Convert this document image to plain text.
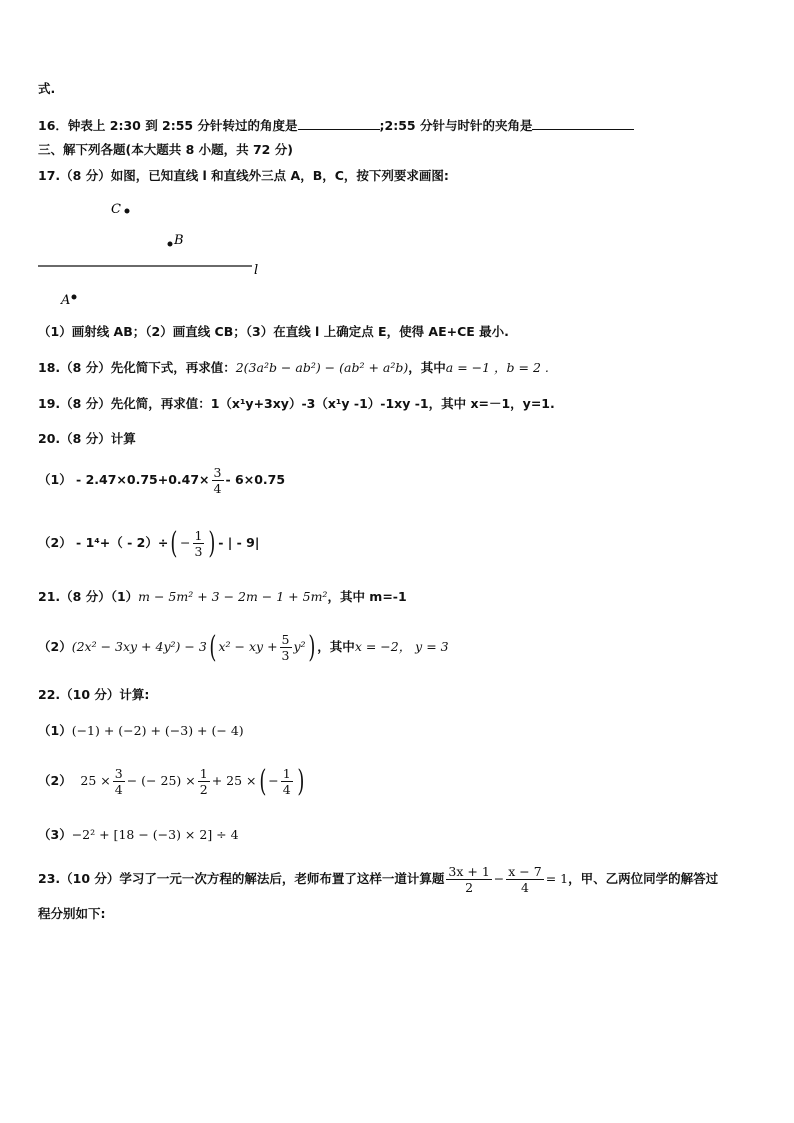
式.
16．钟表上 2:30 到 2:55 分针转过的角度是	;2:55 分针与时针的夹角是
三、解下列各题(本大题共 8 小题，共 72 分)
17.（8 分）如图，已知直线 l 和直线外三点 A，B，C，按下列要求画图:
C
B
l
A
（1）画射线 AB；（2）画直线 CB；（3）在直线 l 上确定点 E，使得 AE+CE 最小.
18.（8 分）先化简下式，再求值：2(3a²b − ab²) − (ab² + a²b)，其中a = −1 ，b = 2 .
19.（8 分）先化简，再求值：1（x¹y+3xy）-3（x¹y -1）-1xy -1，其中 x=－1，y=1.
20.（8 分）计算
$(1) - 2.47\times 0.75+0.47\times \frac{3}{4} - 6\times 0.75$
$(2) - 1^4+( - 2)\div( - \frac{1}{3}$ ) - | - 9|
21.（8 分）（1）m − 5m² + 3 − 2m − 1 + 5m²，其中 m=-1
（2）(2x² − 3xy + 4y²) − 3( x² − xy + $\frac{5}{3} y^2$) ，其中x = −2， y = 3
22.（10 分）计算:
（1）(−1) + (−2) + (−3) + (− 4)
（2） $25 \times \frac{3}{4}$ − (− $25) \times \frac{1}{2} + 25$ ×( − $\frac{1}{4}$ )
（3）−2² + [18 − (−3) × 2] ÷ 4
23.（10 分）学习了一元一次方程的解法后，老师布置了这样一道计算题 $\frac{3x + 1}{2} - \frac{x - 7}{4} = 1$，甲、乙两位同学的解答过
程分别如下:
